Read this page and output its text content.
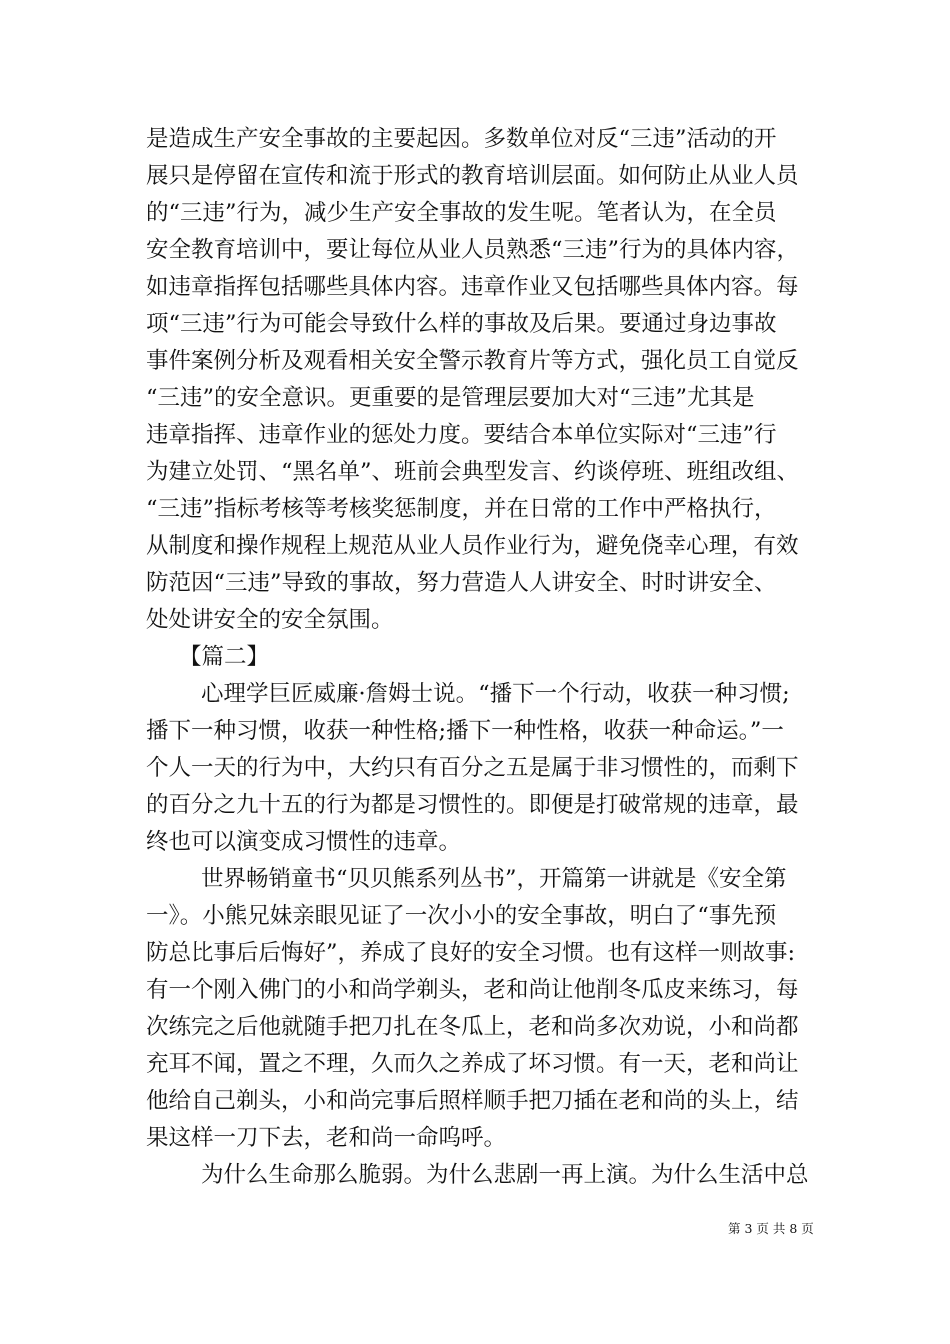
是造成生产安全事故的主要起因。多数单位对反“三违”活动的开

展只是停留在宣传和流于形式的教育培训层面。如何防止从业人员

的“三违”行为，减少生产安全事故的发生呢。笔者认为，在全员

安全教育培训中，要让每位从业人员熟悉“三违”行为的具体内容，

如违章指挥包括哪些具体内容。违章作业又包括哪些具体内容。每

项“三违”行为可能会导致什么样的事故及后果。要通过身边事故

事件案例分析及观看相关安全警示教育片等方式，强化员工自觉反

“三违”的安全意识。更重要的是管理层要加大对“三违”尤其是

违章指挥、违章作业的惩处力度。要结合本单位实际对“三违”行

为建立处罚、“黑名单”、班前会典型发言、约谈停班、班组改组、

“三违”指标考核等考核奖惩制度，并在日常的工作中严格执行，

从制度和操作规程上规范从业人员作业行为，避免侥幸心理，有效

防范因“三违”导致的事故，努力营造人人讲安全、时时讲安全、

处处讲安全的安全氛围。

【篇二】

心理学巨匠威廉·詹姆士说。“播下一个行动，收获一种习惯;

播下一种习惯，收获一种性格;播下一种性格，收获一种命运。”一

个人一天的行为中，大约只有百分之五是属于非习惯性的，而剩下

的百分之九十五的行为都是习惯性的。即便是打破常规的违章，最

终也可以演变成习惯性的违章。

世界畅销童书“贝贝熊系列丛书”，开篇第一讲就是《安全第

一》。小熊兄妹亲眼见证了一次小小的安全事故，明白了“事先预

防总比事后后悔好”，养成了良好的安全习惯。也有这样一则故事:

有一个刚入佛门的小和尚学剃头，老和尚让他削冬瓜皮来练习，每

次练完之后他就随手把刀扎在冬瓜上，老和尚多次劝说，小和尚都

充耳不闻，置之不理，久而久之养成了坏习惯。有一天，老和尚让

他给自己剃头，小和尚完事后照样顺手把刀插在老和尚的头上，结

果这样一刀下去，老和尚一命呜呼。

为什么生命那么脆弱。为什么悲剧一再上演。为什么生活中总

第 3 页 共 8 页
